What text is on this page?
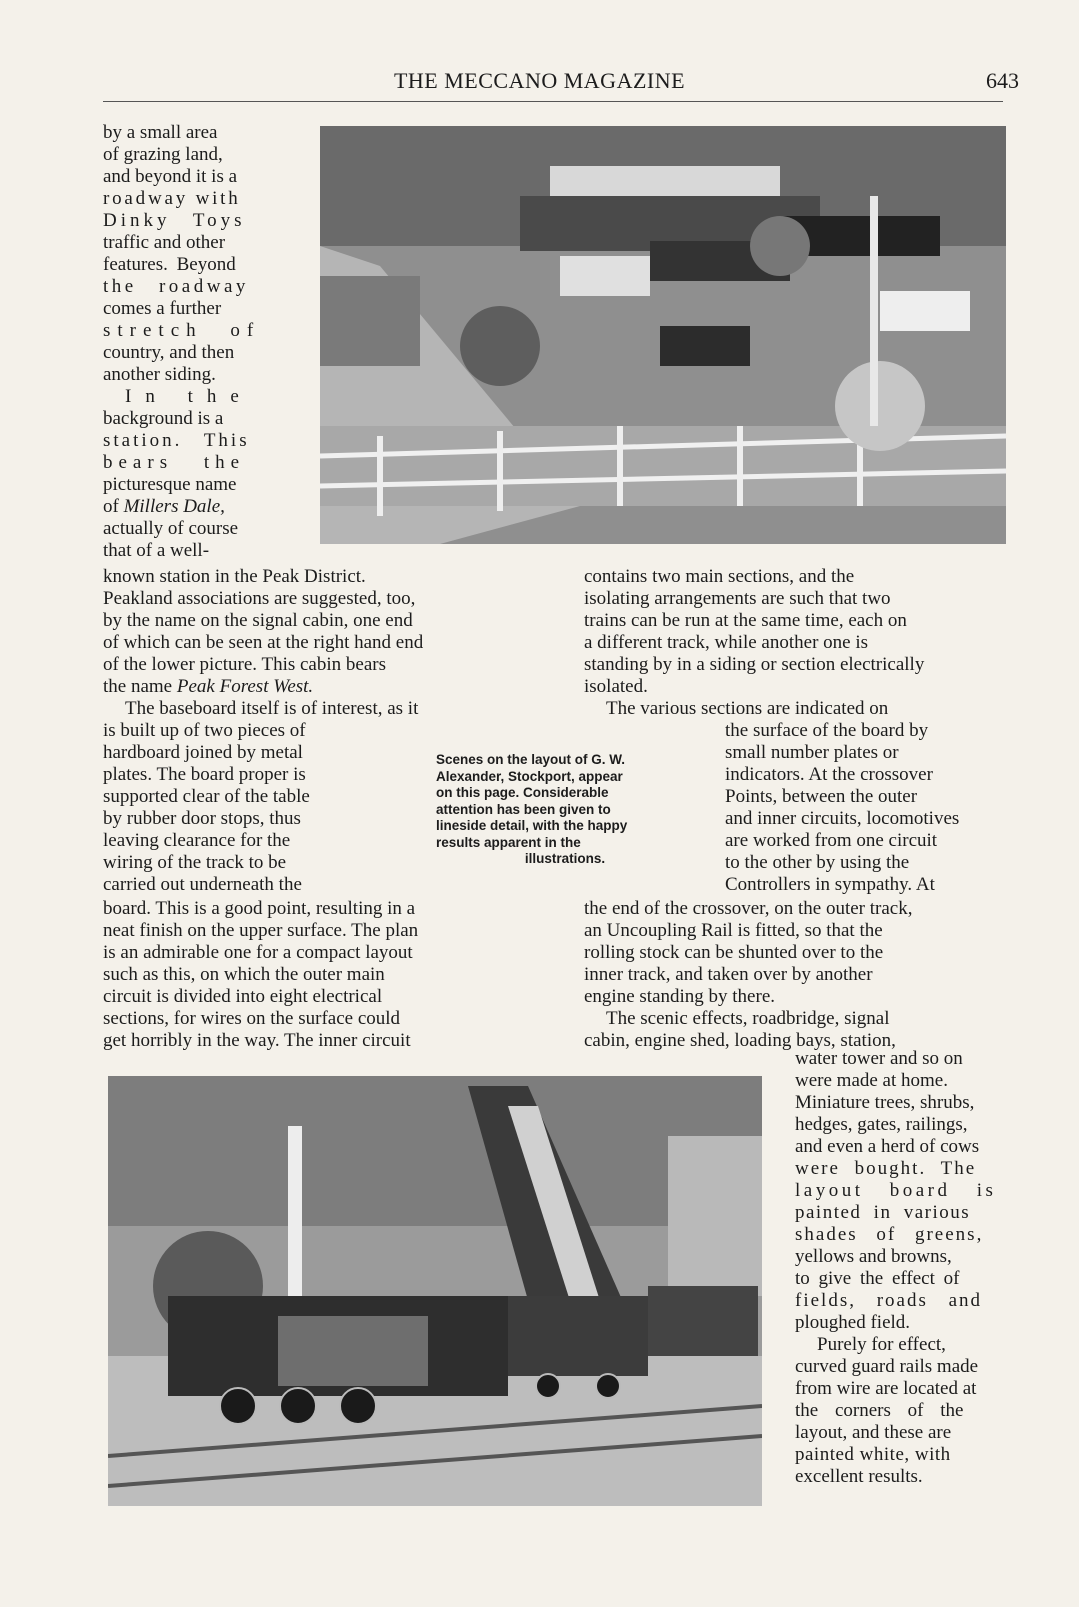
THE MECCANO MAGAZINE	643

by a small area

of grazing land,

and beyond it is a

roadway with

Dinky Toys

traffic and other

features. Beyond

the roadway

comes a further

stretch of

country, and then

another siding.

In the

background is a

station. This

bears the

picturesque name

of Millers Dale,

actually of course

that of a well-

known station in the Peak District.

Peakland associations are suggested, too,

by the name on the signal cabin, one end

of which can be seen at the right hand end

of the lower picture. This cabin bears

the name Peak Forest West.

The baseboard itself is of interest, as it

is built up of two pieces of

hardboard joined by metal

plates. The board proper is

supported clear of the table

by rubber door stops, thus

leaving clearance for the

wiring of the track to be

carried out underneath the

Scenes on the layout of G. W.
Alexander, Stockport, appear
on this page. Considerable
attention has been given to
lineside detail, with the happy
results apparent in the
illustrations.

board. This is a good point, resulting in a

neat finish on the upper surface. The plan

is an admirable one for a compact layout

such as this, on which the outer main

circuit is divided into eight electrical

sections, for wires on the surface could

get horribly in the way. The inner circuit

contains two main sections, and the

isolating arrangements are such that two

trains can be run at the same time, each on

a different track, while another one is

standing by in a siding or section electrically

isolated.

The various sections are indicated on

the surface of the board by

small number plates or

indicators. At the crossover

Points, between the outer

and inner circuits, locomotives

are worked from one circuit

to the other by using the

Controllers in sympathy. At

the end of the crossover, on the outer track,

an Uncoupling Rail is fitted, so that the

rolling stock can be shunted over to the

inner track, and taken over by another

engine standing by there.

The scenic effects, roadbridge, signal

cabin, engine shed, loading bays, station,

water tower and so on

were made at home.

Miniature trees, shrubs,

hedges, gates, railings,

and even a herd of cows

were bought. The

layout board is

painted in various

shades of greens,

yellows and browns,

to give the effect of

fields, roads and

ploughed field.

Purely for effect,

curved guard rails made

from wire are located at

the corners of the

layout, and these are

painted white, with

excellent results.
